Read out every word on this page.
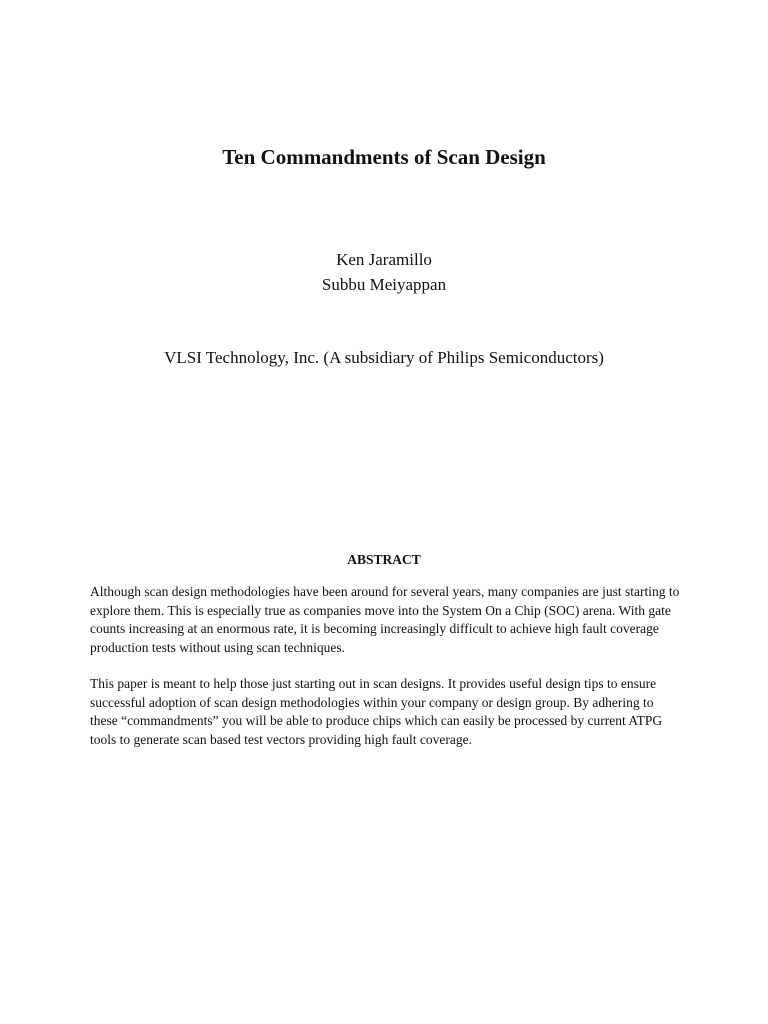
Ten Commandments of Scan Design
Ken Jaramillo
Subbu Meiyappan
VLSI Technology, Inc. (A subsidiary of Philips Semiconductors)
ABSTRACT

Although scan design methodologies have been around for several years, many companies are just starting to explore them. This is especially true as companies move into the System On a Chip (SOC) arena. With gate counts increasing at an enormous rate, it is becoming increasingly difficult to achieve high fault coverage production tests without using scan techniques.

This paper is meant to help those just starting out in scan designs. It provides useful design tips to ensure successful adoption of scan design methodologies within your company or design group. By adhering to these “commandments” you will be able to produce chips which can easily be processed by current ATPG tools to generate scan based test vectors providing high fault coverage.
